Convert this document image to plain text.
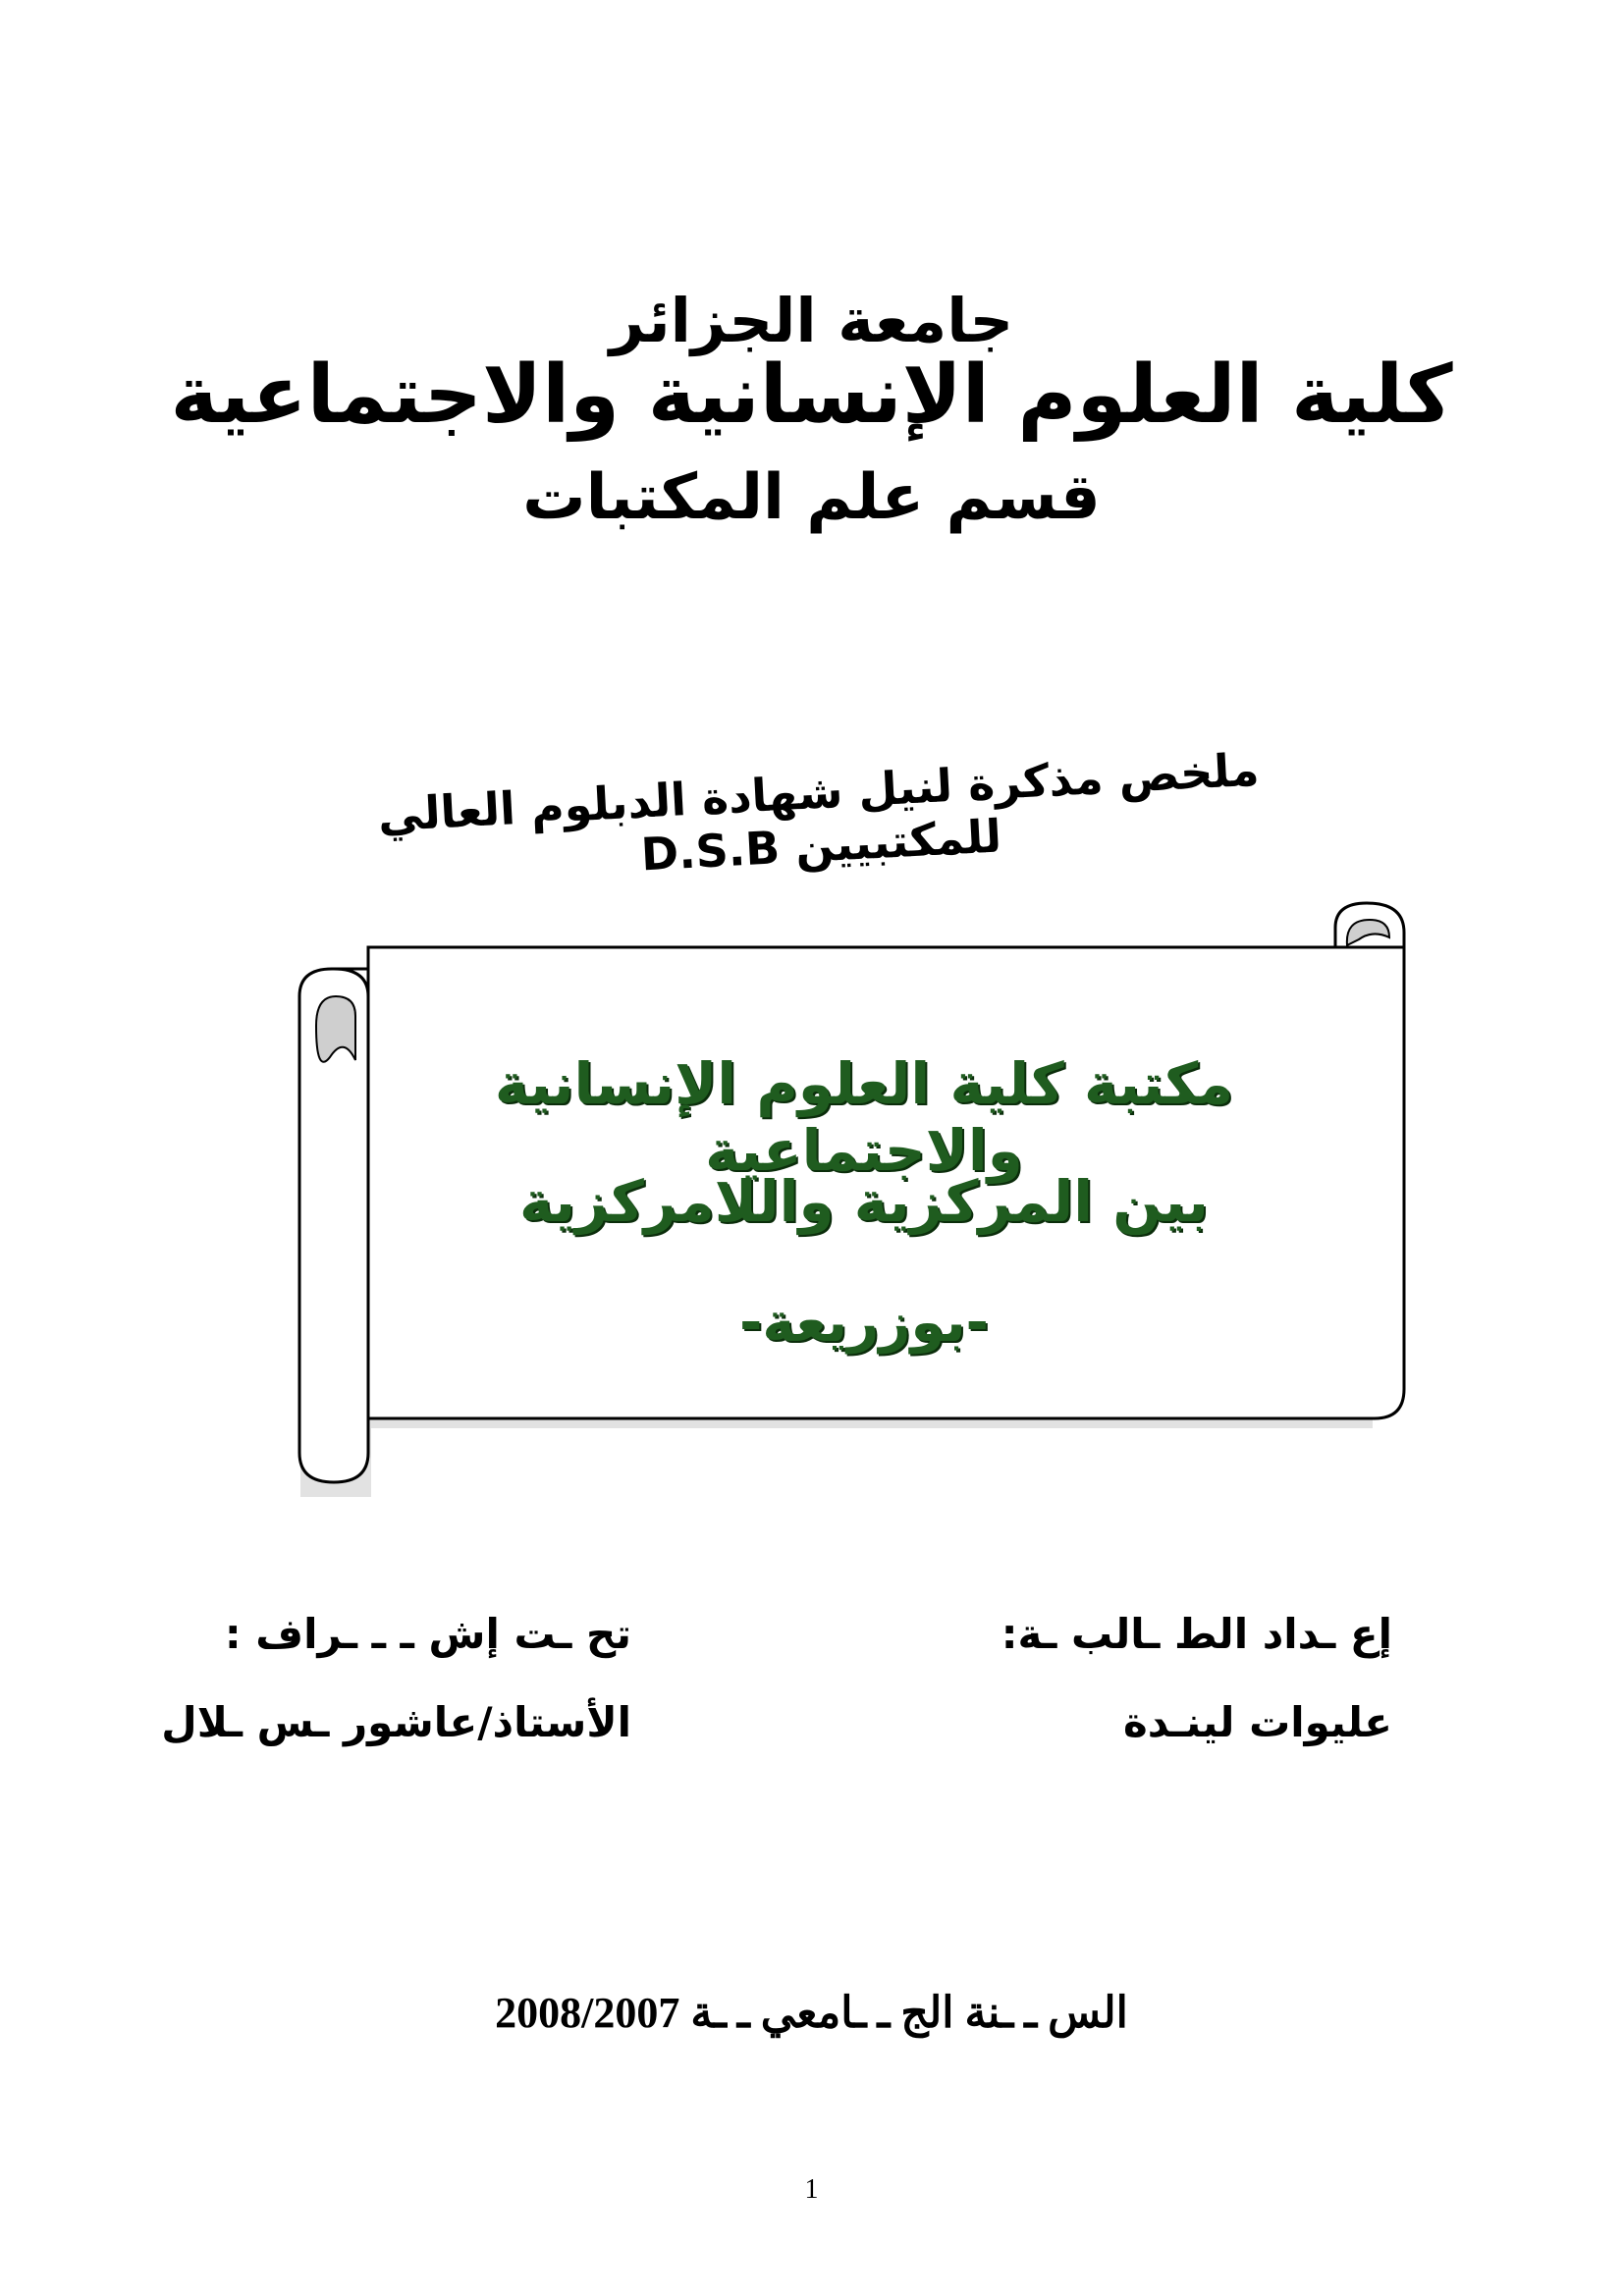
جامعة الجزائر
كلية العلوم الإنسانية والاجتماعية
قسم علم المكتبات
ملخص مذكرة لنيل شهادة الدبلوم العالي للمكتبيين D.S.B
مكتبة كلية العلوم الإنسانية والاجتماعية
بين المركزية واللامركزية
-بوزريعة-
إع ـداد الط ـالب ـة:
عليوات لينـدة
تح ـت إش ـ ـ ـراف :
الأستاذ/عاشور ـس ـلال
الس ـ ـنة الج ـ ـامعي ـ ـة 2008/2007
1
